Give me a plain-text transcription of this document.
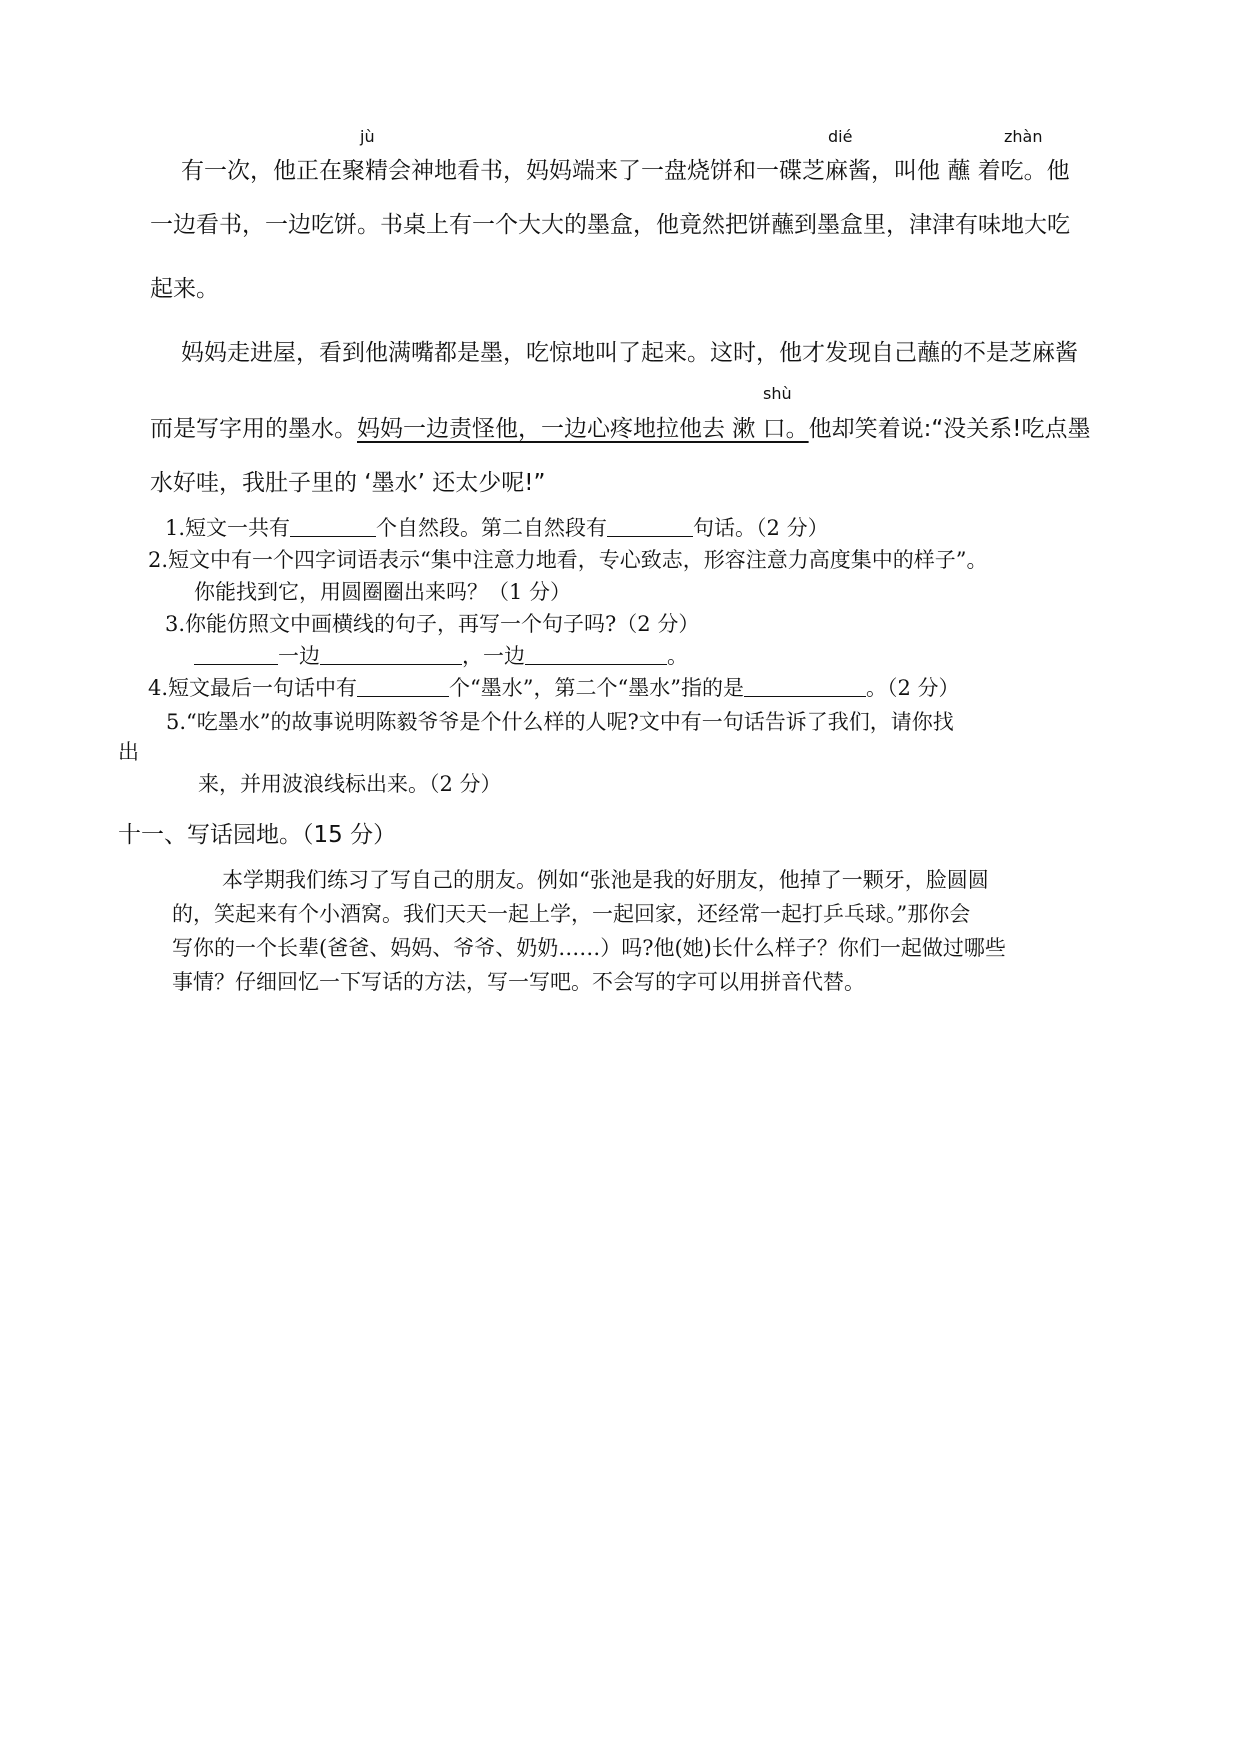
jù	dié	zhàn
shù
有一次，他正在聚精会神地看书，妈妈端来了一盘烧饼和一碟芝麻酱，叫他 蘸 着吃。他
一边看书，一边吃饼。书桌上有一个大大的墨盒，他竟然把饼蘸到墨盒里，津津有味地大吃
起来。
妈妈走进屋，看到他满嘴都是墨，吃惊地叫了起来。这时，他才发现自己蘸的不是芝麻酱
而是写字用的墨水。妈妈一边责怪他，一边心疼地拉他去 漱 口。他却笑着说:“没关系!吃点墨
水好哇，我肚子里的 ‘墨水’ 还太少呢!”
1.短文一共有	个自然段。第二自然段有	句话。（2 分）
2.短文中有一个四字词语表示“集中注意力地看，专心致志，形容注意力高度集中的样子”。
你能找到它，用圆圈圈出来吗？（1 分）
3.你能仿照文中画横线的句子，再写一个句子吗?（2 分）
一边	，一边	。
4.短文最后一句话中有	个“墨水”，第二个“墨水”指的是	。（2 分）
5.“吃墨水”的故事说明陈毅爷爷是个什么样的人呢?文中有一句话告诉了我们，请你找
出
来，并用波浪线标出来。（2 分）
十一、写话园地。（15 分）
本学期我们练习了写自己的朋友。例如“张池是我的好朋友，他掉了一颗牙，脸圆圆
的，笑起来有个小酒窝。我们天天一起上学，一起回家，还经常一起打乒乓球。”那你会
写你的一个长辈(爸爸、妈妈、爷爷、奶奶……）吗?他(她)长什么样子？你们一起做过哪些
事情？仔细回忆一下写话的方法，写一写吧。不会写的字可以用拼音代替。
